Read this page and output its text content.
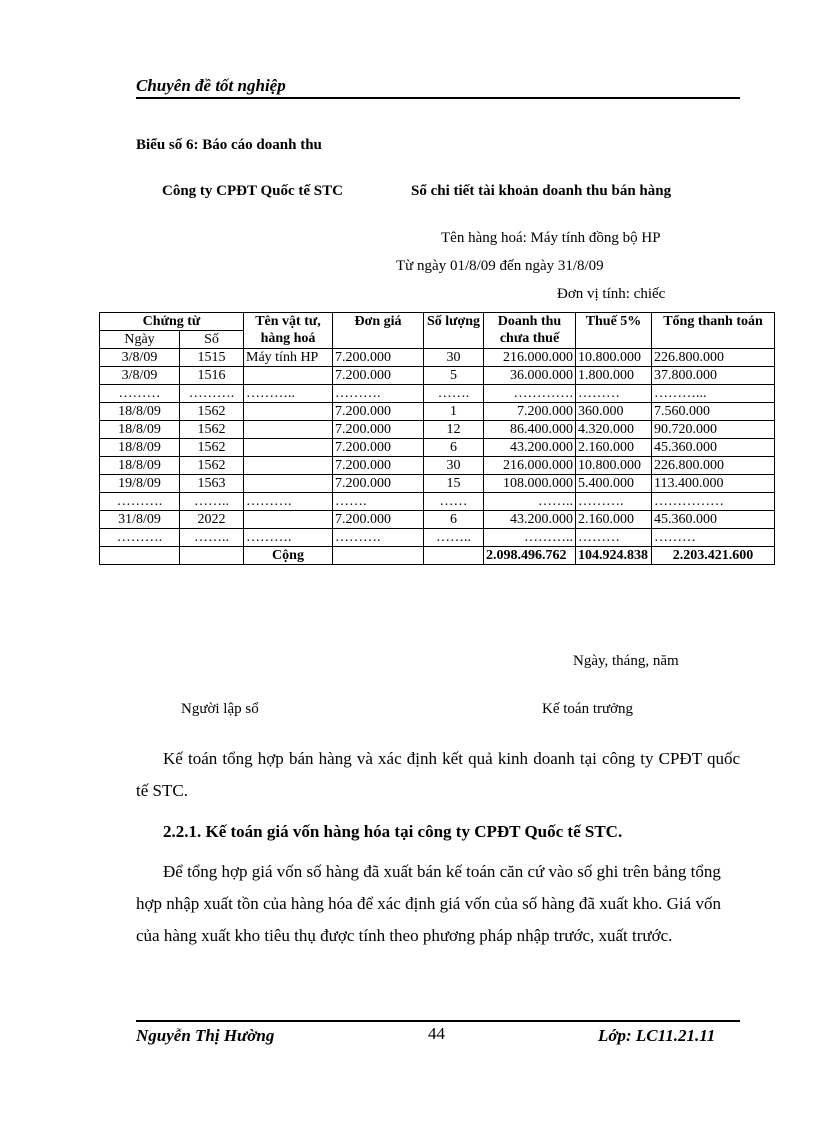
Chuyên đề tốt nghiệp
Biểu số 6: Báo cáo doanh thu
Công ty CPĐT Quốc tế STC	Sổ chi tiết tài khoản doanh thu bán hàng
Tên hàng hoá: Máy tính đồng bộ HP
Từ ngày 01/8/09 đến ngày 31/8/09
Đơn vị tính: chiếc
Chứng từ		Tên vật tư, hàng hoá	Đơn giá	Số lượng	Doanh thu chưa thuế	Thuế 5%	Tổng thanh toán
Ngày	Số						
3/8/09	1515	Máy tính HP	7.200.000	30	216.000.000	10.800.000	226.800.000
3/8/09	1516		7.200.000	5	36.000.000	1.800.000	37.800.000
………	……….	………..	……….	…….	………….	………	………...
18/8/09	1562		7.200.000	1	7.200.000	360.000	7.560.000
18/8/09	1562		7.200.000	12	86.400.000	4.320.000	90.720.000
18/8/09	1562		7.200.000	6	43.200.000	2.160.000	45.360.000
18/8/09	1562		7.200.000	30	216.000.000	10.800.000	226.800.000
19/8/09	1563		7.200.000	15	108.000.000	5.400.000	113.400.000
……….	……..	……….	…….	……	……..	……….	……………
31/8/09	2022		7.200.000	6	43.200.000	2.160.000	45.360.000
……….	……..	……….	……….	……..	………..	………	………
		Cộng			2.098.496.762	104.924.838	2.203.421.600
Ngày, tháng, năm
Người lập sổ	Kế toán trưởng
Kế toán tổng hợp bán hàng và xác định kết quả kinh doanh tại công ty CPĐT quốc tế STC.
2.2.1. Kế toán giá vốn hàng hóa tại công ty CPĐT Quốc tế STC.
Để tổng hợp giá vốn số hàng đã xuất bán kế toán căn cứ vào số ghi trên bảng tổng hợp nhập xuất tồn của hàng hóa để xác định giá vốn của số hàng đã xuất kho. Giá vốn của hàng xuất kho tiêu thụ được tính theo phương pháp nhập trước, xuất trước.
Nguyễn Thị Hường	44	Lớp: LC11.21.11
